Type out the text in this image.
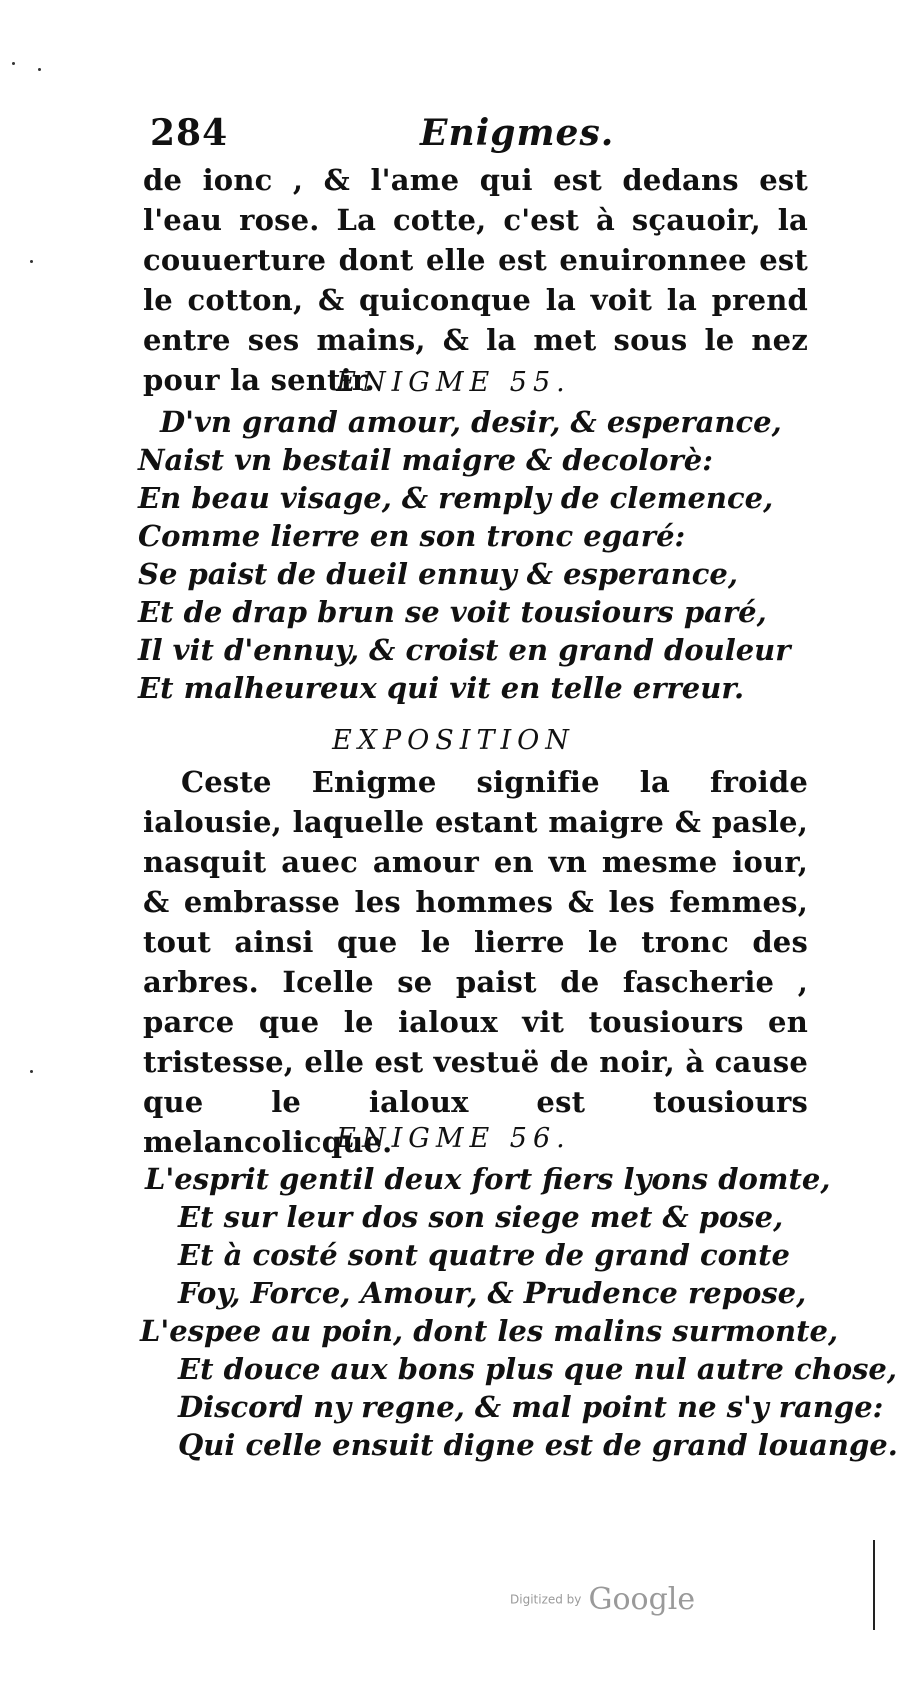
284	Enigmes.

de ionc , & l'ame qui est dedans est l'eau rose. La cotte, c'est à sçauoir, la couuerture dont elle est enuironnee est le cotton, & quiconque la voit la prend entre ses mains, & la met sous le nez pour la sentir.

ENIGME 55.
D'vn grand amour, desir, & esperance,
Naist vn bestail maigre & decolorè:
En beau visage, & remply de clemence,
Comme lierre en son tronc egaré:
Se paist de dueil ennuy & esperance,
Et de drap brun se voit tousiours paré,
Il vit d'ennuy, & croist en grand douleur
Et malheureux qui vit en telle erreur.
EXPOSITION

Ceste Enigme signifie la froide ialousie, laquelle estant maigre & pasle, nasquit auec amour en vn mesme iour, & embrasse les hommes & les femmes, tout ainsi que le lierre le tronc des arbres. Icelle se paist de fascherie , parce que le ialoux vit tousiours en tristesse, elle est vestuë de noir, à cause que le ialoux est tousiours melancolicque.

ENIGME 56.
L'esprit gentil deux fort fiers lyons domte,
Et sur leur dos son siege met & pose,
Et à costé sont quatre de grand conte
Foy, Force, Amour, & Prudence repose,
L'espee au poin, dont les malins surmonte,
Et douce aux bons plus que nul autre chose,
Discord ny regne, & mal point ne s'y range:
Qui celle ensuit digne est de grand louange.
Digitized by Google
